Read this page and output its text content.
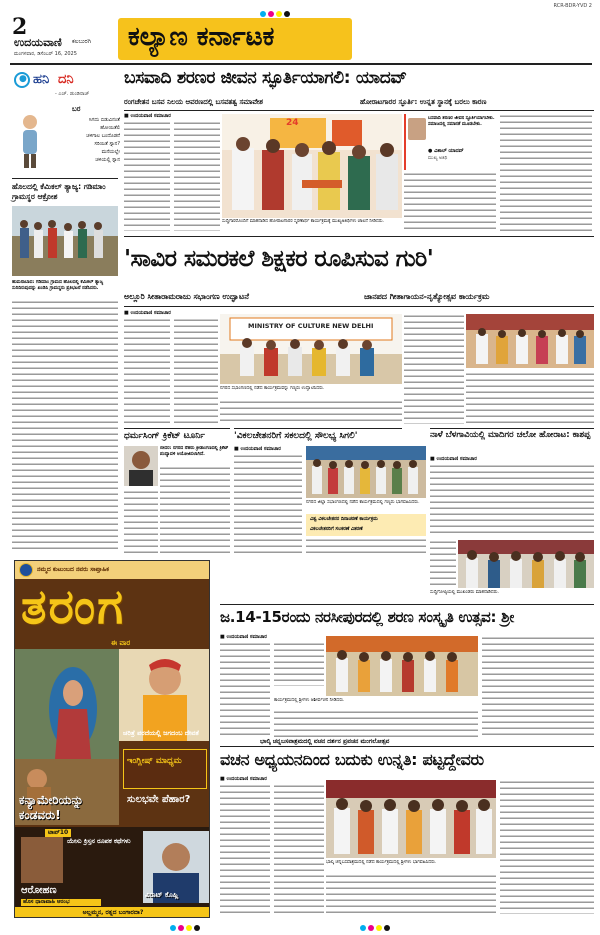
RCR-BDR-YVD 2
2
ಉದಯವಾಣಿ ಕಲಬುರಗಿ
ಮಂಗಳವಾರ, ಡಿಸೆಂಬರ್ 16, 2025
ಕಲ್ಯಾಣ ಕರ್ನಾಟಕ
● ಹನಿ ದನಿ
- ಎಚ್. ಡುಂಡಿರಾಜ್
ಬರ
ಸಿಗದು ಬಿಡುವಿನಂತೆ
ಹೋಯಿತೆಲಿ
ಚಳಿಗಾಲ ಬಂದೊಡನೆ
ಸರಿಯಿತೆ ಸ್ನಾನ?
ಮನೆಯಲ್ಲೇ
ಚಳಿಯಲ್ಲಿ ಸ್ನಾನ
ಹೊಲದಲ್ಲಿ ಕೆಮಿಕಲ್ ತ್ಯಾಜ್ಯ: ಗಡಿಮಾಂ ಗ್ರಾಮಸ್ಥರ ಆಕ್ರೋಶ
ಹುಮನಾಬಾದ: ಗಡಿಮಾಂ ಗ್ರಾಮದ ಹೊಲದಲ್ಲಿ ಕೆಮಿಕಲ್ ತ್ಯಾಜ್ಯ ಸುರಿದಿರುವುದನ್ನು ಖಂಡಿಸಿ ಗ್ರಾಮಸ್ಥರು ಪ್ರತಿಭಟನೆ ನಡೆಸಿದರು.
ಬಸವಾದಿ ಶರಣರ ಜೀವನ ಸ್ಫೂರ್ತಿಯಾಗಲಿ: ಯಾದವ್
ರಂಗಚೇತನ ಬಸವ ನಿಲಯ ಆವರಣದಲ್ಲಿ ಬಸವತತ್ವ ಸಮಾವೇಶ	ಹೋರಾಟಗಾರರ ಸ್ಫೂರ್ತಿ: ಉನ್ನತ ಸ್ಥಾನಕ್ಕೆ ಬರಲು ಕಾರಣ
■ ಉದಯವಾಣಿ ಸಮಾಚಾರ
24
ಸುದ್ದಿಗಾರರೊಂದಿಗೆ ಮಾತನಾಡಿದ ಹೋರಾಟಗಾರರ ಸ್ಮರಣಾರ್ಥ ಕಾರ್ಯಕ್ರಮಕ್ಕೆ ಮುಖ್ಯಅತಿಥಿಗಳು ಚಾಲನೆ ನೀಡಿದರು.
ಬಸವಾದಿ ಶರಣರ ಜೀವನ ಸ್ಫೂರ್ತಿಯಾಗಬೇಕು. ಸಮಾಜದಲ್ಲಿ ಸಮಾನತೆ ಮೂಡಬೇಕು.
● ವಿಶಾಲ್ ಯಾದವ್
ಮುಖ್ಯ ಅತಿಥಿ
'ಸಾವಿರ ಸಮರಕಲೆ ಶಿಕ್ಷಕರ ರೂಪಿಸುವ ಗುರಿ'
ಅಲ್ಲೂರಿ ಸೀತಾರಾಮರಾಜು ಸಭಾಂಗಣ ಉದ್ಘಾಟನೆ	ಜಾನಪದ ಗೀತಾಗಾಯನ-ನೃತ್ಯೋತ್ಸವ ಕಾರ್ಯಕ್ರಮ
■ ಉದಯವಾಣಿ ಸಮಾಚಾರ
MINISTRY OF CULTURE NEW DELHI
ನಗರದ ಸಭಾಂಗಣದಲ್ಲಿ ನಡೆದ ಕಾರ್ಯಕ್ರಮವನ್ನು ಗಣ್ಯರು ಉದ್ಘಾಟಿಸಿದರು.
ಧರ್ಮಸಿಂಗ್ ಕ್ರಿಕೆಟ್ ಟೂರ್ನಿ
ಬೀದರ: ನಗರದ ನೆಹರು ಕ್ರೀಡಾಂಗಣದಲ್ಲಿ ಕ್ರಿಕೆಟ್ ಪಂದ್ಯಾವಳಿ ಆಯೋಜಿಸಲಾಗಿದೆ.
'ವಿಕಲಚೇತನರಿಗೆ ಸಕಲದಲ್ಲಿ ಸೌಲಭ್ಯ ಸಿಗಲಿ'
■ ಉದಯವಾಣಿ ಸಮಾಚಾರ
ನಗರದ ಜಿಲ್ಲಾ ಸಭಾಂಗಣದಲ್ಲಿ ನಡೆದ ಕಾರ್ಯಕ್ರಮದಲ್ಲಿ ಗಣ್ಯರು ಭಾಗವಹಿಸಿದರು.
ವಿಶ್ವ ವಿಕಲಚೇತನರ ದಿನಾಚರಣೆ ಕಾರ್ಯಕ್ರಮ
ವಿಕಲಚೇತನರಿಗೆ ಸಲಕರಣೆ ವಿತರಣೆ
ನಾಳೆ ಬೆಳಗಾವಿಯಲ್ಲಿ ಮಾದಿಗರ ಚಲೋ ಹೋರಾಟ: ಕಾಶಪ್ಪ
■ ಉದಯವಾಣಿ ಸಮಾಚಾರ
ಸುದ್ದಿಗೋಷ್ಠಿಯಲ್ಲಿ ಮುಖಂಡರು ಮಾತನಾಡಿದರು.
ನಮ್ಮದ ಕುಟುಂಬದ ನವರು ಸಾಪ್ತಾಹಿಕ
ತರಂಗ
ಈ ವಾರ
ಚರಿತ್ರೆ ಪರದೆಯಲ್ಲಿ ಜಗದಂಬ ದೇವತೆ
ಇಂಗ್ಲೀಷ್ ಮಾಧ್ಯಮ
ಕನ್ಯಾಮೇರಿಯನ್ನು ಕಂಡವರು!
ಸುಲಭವೇ ಪೆಹಾರ?
ಟಾಪ್10
ಯೇಸು ಕ್ರಿಸ್ತನ ರೂಪಕ ಕಥೆಗಳು
ಆರೋಹಣ
ಹೊಸ ಧಾರಾವಾಹಿ ಆರಂಭ
ವಿರಾಟ್ ಕೊಹ್ಲಿ
ಅಲ್ಲಮ್ಮನ, ರತ್ನದ ಬಂಗಾರದಾ?
ಜ.14-15ರಂದು ನರಸೀಪುರದಲ್ಲಿ ಶರಣ ಸಂಸ್ಕೃತಿ ಉತ್ಸವ: ಶ್ರೀ
■ ಉದಯವಾಣಿ ಸಮಾಚಾರ
ಕಾರ್ಯಕ್ರಮದಲ್ಲಿ ಶ್ರೀಗಳು ಆಶೀರ್ವಚನ ನೀಡಿದರು.
ಭಾಲ್ಕಿ ಚನ್ನಬಸವಾಶ್ರಮದಲ್ಲಿ ವಚನ ದರ್ಶನ ಪ್ರವಚನ ಮಂಗಲೋತ್ಸವ
ವಚನ ಅಧ್ಯಯನದಿಂದ ಬದುಕು ಉನ್ನತಿ: ಪಟ್ಟದ್ದೇವರು
■ ಉದಯವಾಣಿ ಸಮಾಚಾರ
ಭಾಲ್ಕಿ ಚನ್ನಬಸವಾಶ್ರಮದಲ್ಲಿ ನಡೆದ ಕಾರ್ಯಕ್ರಮದಲ್ಲಿ ಶ್ರೀಗಳು ಭಾಗವಹಿಸಿದರು.
